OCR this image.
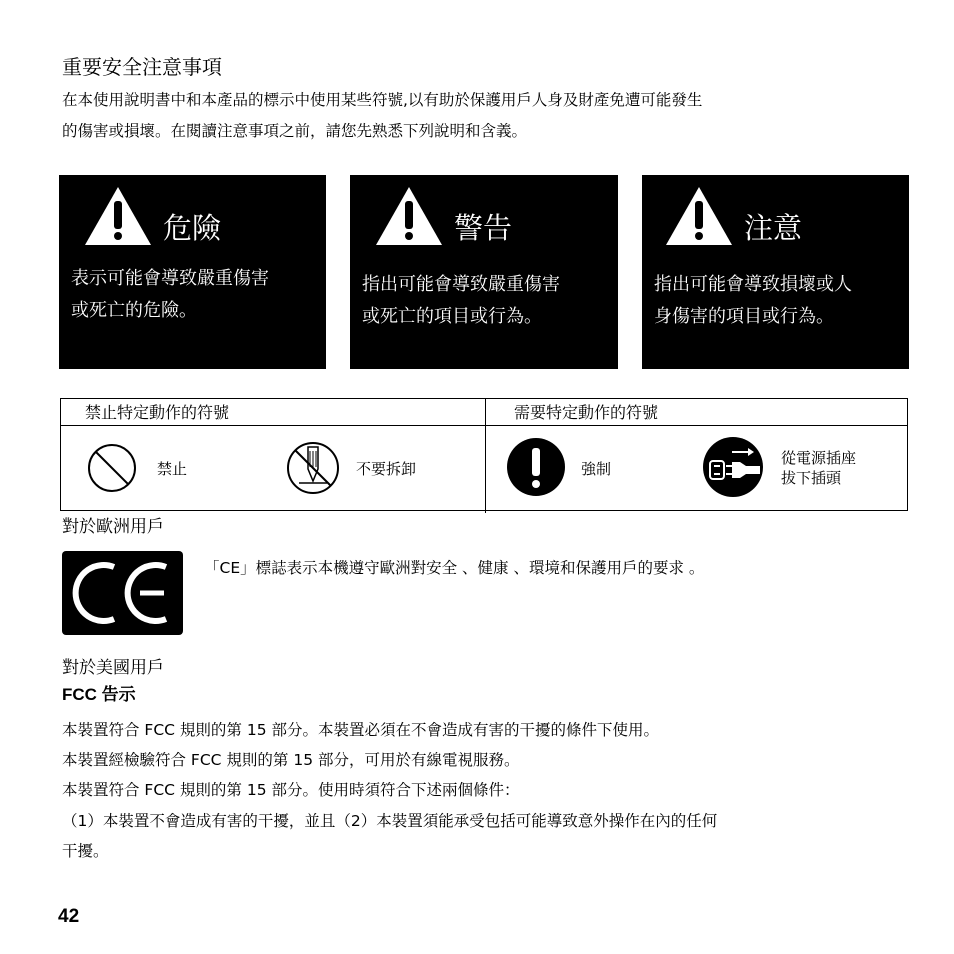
重要安全注意事項
在本使用說明書中和本產品的標示中使用某些符號,以有助於保護用戶人身及財產免遭可能發生
的傷害或損壞。在閱讀注意事項之前，請您先熟悉下列說明和含義。
危險
表示可能會導致嚴重傷害
或死亡的危險。
警告
指出可能會導致嚴重傷害
或死亡的項目或行為。
注意
指出可能會導致損壞或人
身傷害的項目或行為。
禁止特定動作的符號	需要特定動作的符號
禁止	不要拆卸	強制
從電源插座
拔下插頭
對於歐洲用戶
「CE」標誌表示本機遵守歐洲對安全 、健康 、環境和保護用戶的要求 。
對於美國用戶
FCC 告示
本裝置符合 FCC 規則的第 15 部分。本裝置必須在不會造成有害的干擾的條件下使用。
本裝置經檢驗符合 FCC 規則的第 15 部分，可用於有線電視服務。
本裝置符合 FCC 規則的第 15 部分。使用時須符合下述兩個條件：
（1）本裝置不會造成有害的干擾，並且（2）本裝置須能承受包括可能導致意外操作在內的任何
干擾。
42
